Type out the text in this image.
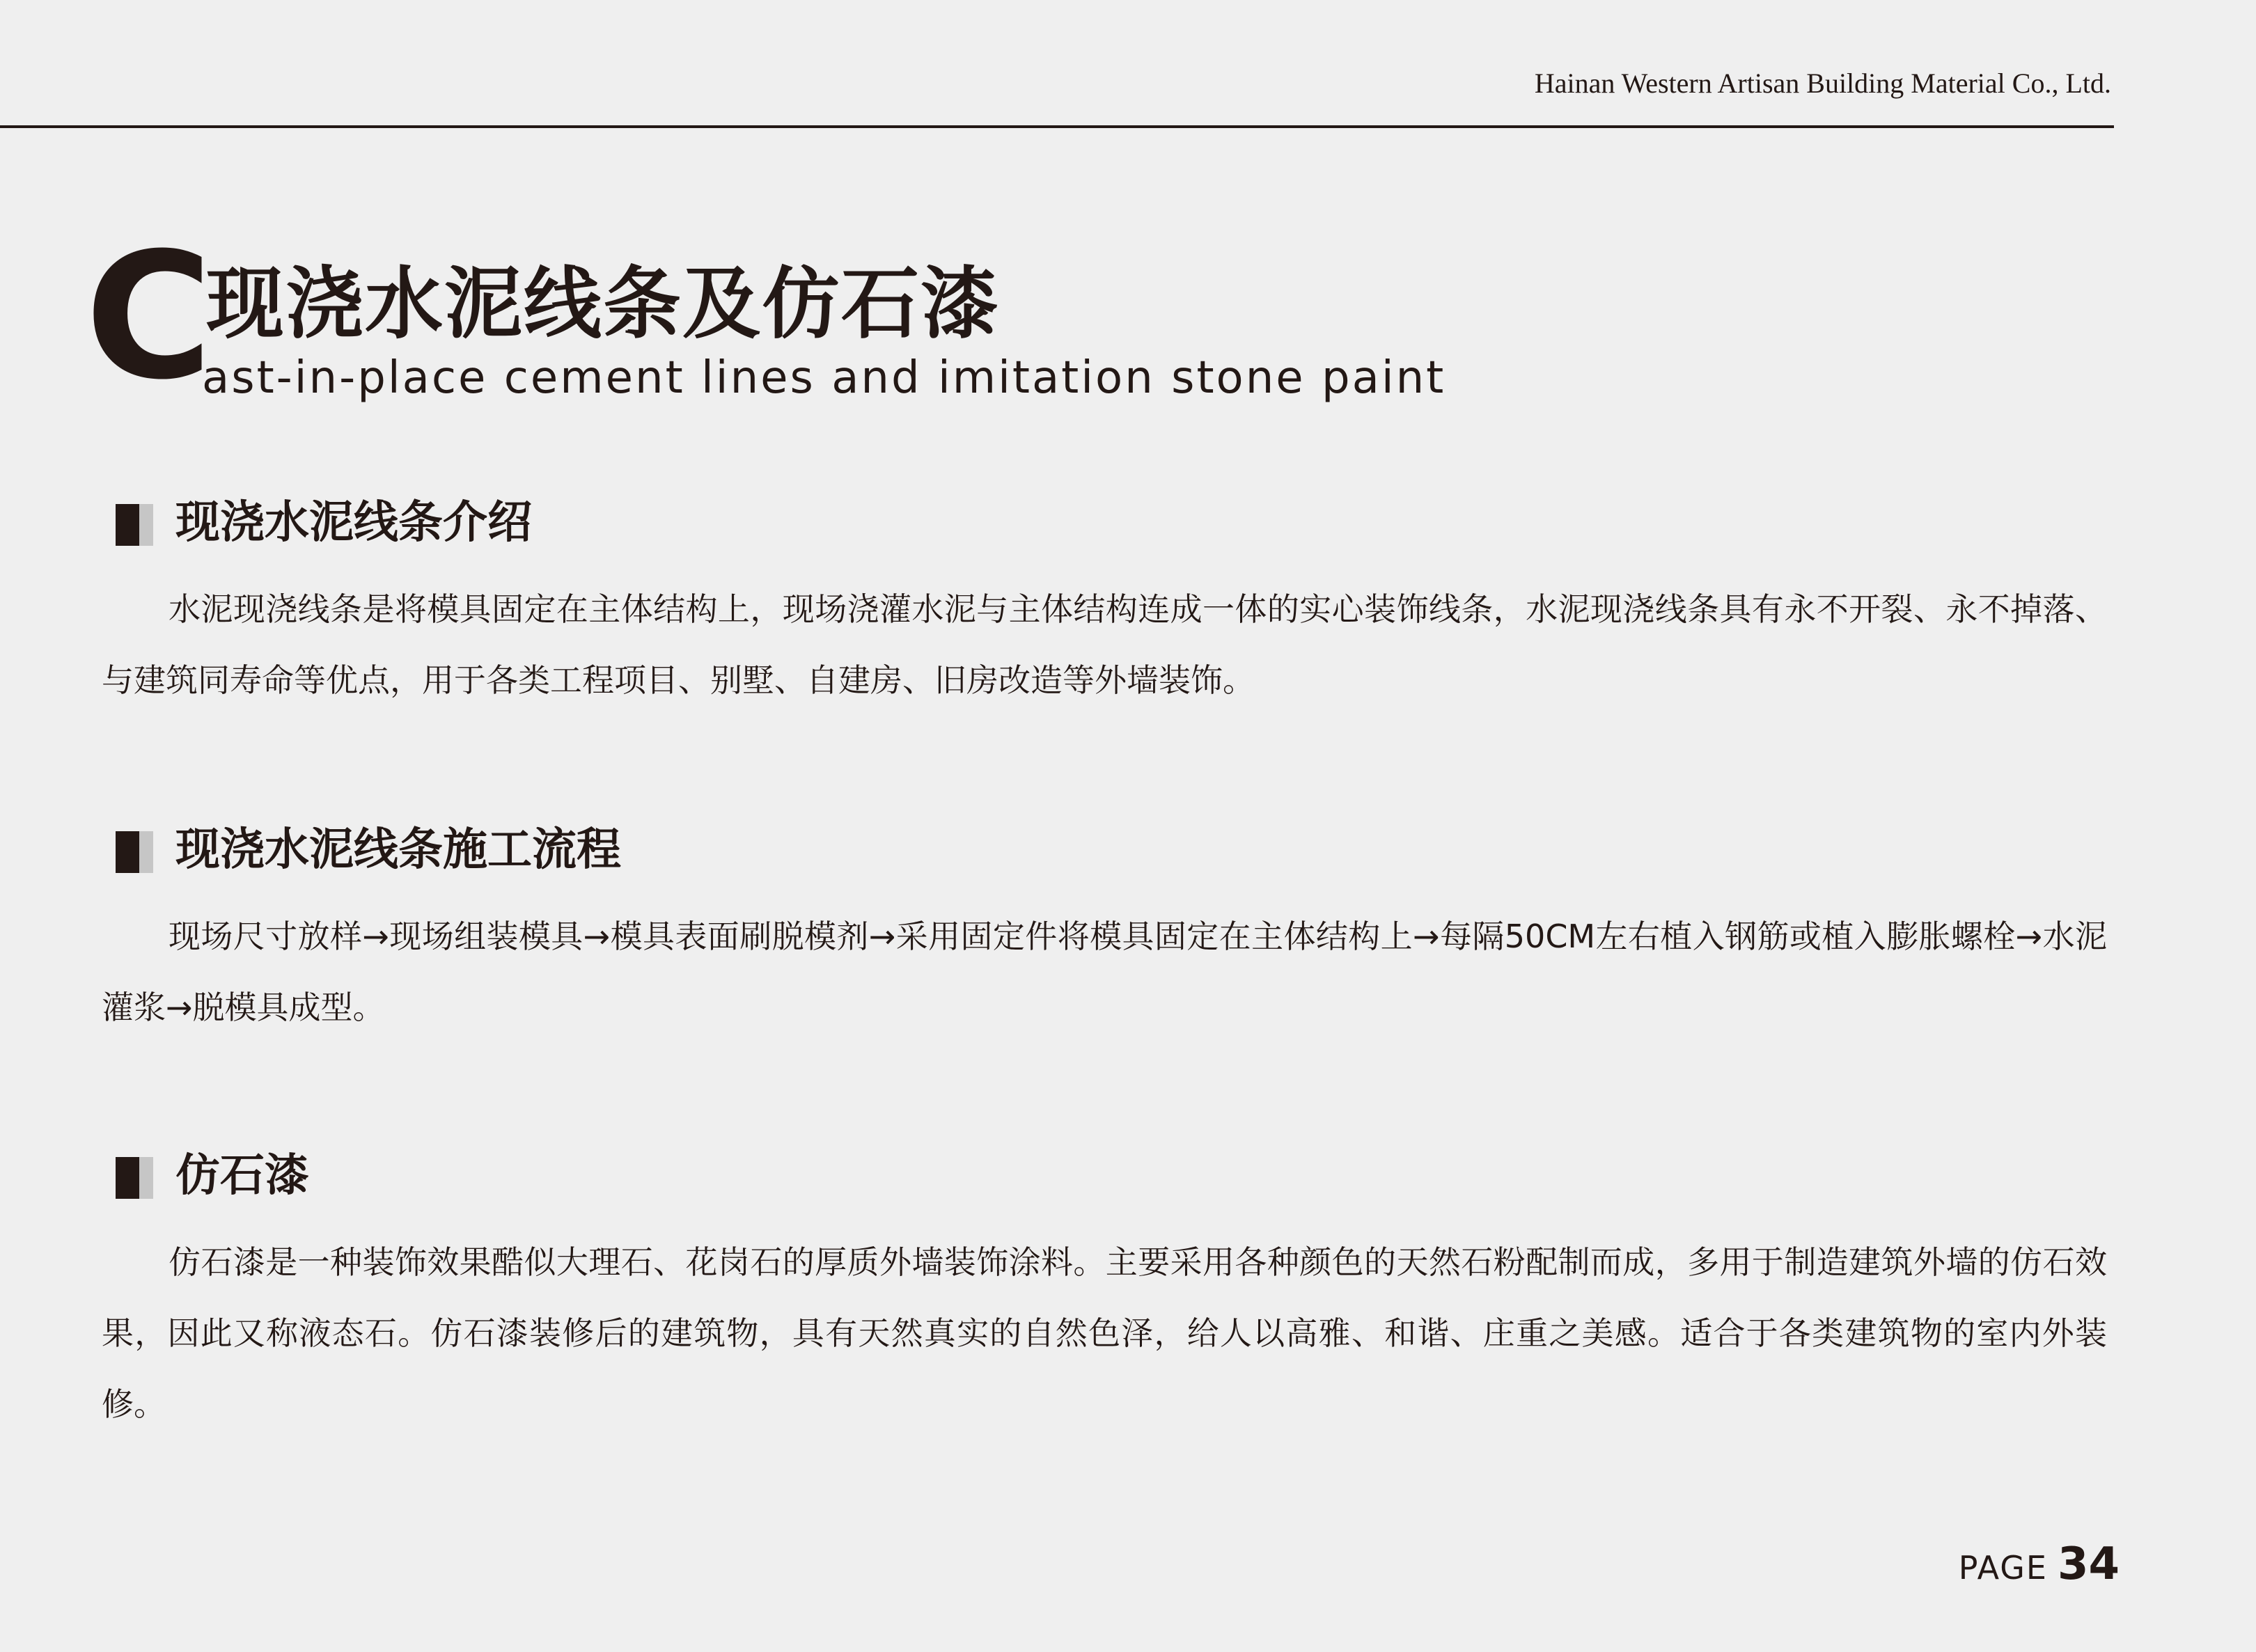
Hainan Western Artisan Building Material Co., Ltd.
C
现浇水泥线条及仿石漆
ast-in-place cement lines and imitation stone paint
现浇水泥线条介绍
水泥现浇线条是将模具固定在主体结构上，现场浇灌水泥与主体结构连成一体的实心装饰线条，水泥现浇线条具有永不开裂、永不掉落、与建筑同寿命等优点，用于各类工程项目、别墅、自建房、旧房改造等外墙装饰。
现浇水泥线条施工流程
现场尺寸放样→现场组装模具→模具表面刷脱模剂→采用固定件将模具固定在主体结构上→每隔50CM左右植入钢筋或植入膨胀螺栓→水泥灌浆→脱模具成型。
仿石漆
仿石漆是一种装饰效果酷似大理石、花岗石的厚质外墙装饰涂料。主要采用各种颜色的天然石粉配制而成，多用于制造建筑外墙的仿石效果，因此又称液态石。仿石漆装修后的建筑物，具有天然真实的自然色泽，给人以高雅、和谐、庄重之美感。适合于各类建筑物的室内外装修。
PAGE 34
